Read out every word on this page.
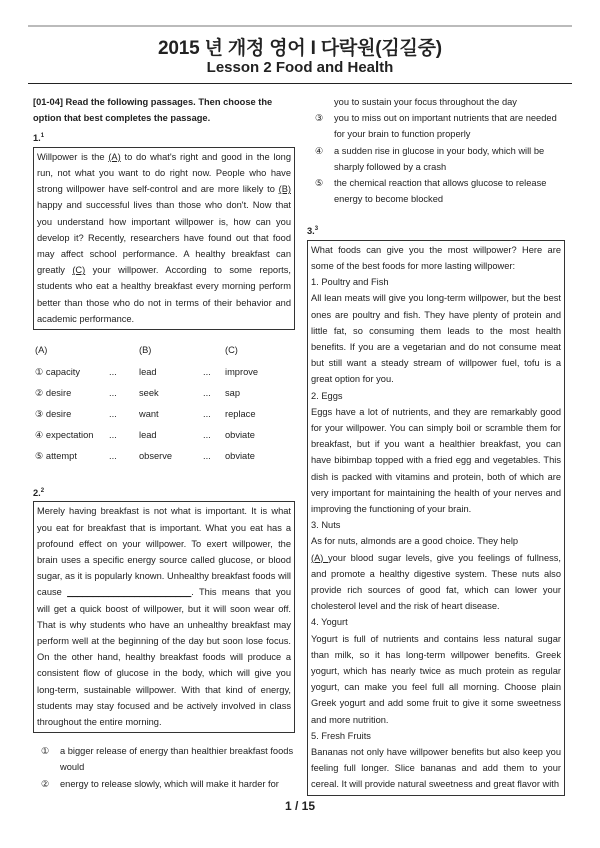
2015 년 개정 영어 I 다락원(김길중)
Lesson 2 Food and Health
[01-04] Read the following passages. Then choose the option that best completes the passage.
1.$^1$
Willpower is the (A) to do what's right and good in the long run, not what you want to do right now. People who have strong willpower have self-control and are more likely to (B) happy and successful lives than those who don't. Now that you understand how important willpower is, how can you develop it? Recently, researchers have found out that food may affect school performance. A healthy breakfast can greatly (C) your willpower. According to some reports, students who eat a healthy breakfast every morning perform better than those who do not in terms of their behavior and academic performance.
(A)		(B)		(C)
① capacity	...	lead	...	improve
② desire	...	seek	...	sap
③ desire	...	want	...	replace
④ expectation	...	lead	...	obviate
⑤ attempt	...	observe	...	obviate
2.$^2$
Merely having breakfast is not what is important. It is what you eat for breakfast that is important. What you eat has a profound effect on your willpower. To exert willpower, the brain uses a specific energy source called glucose, or blood sugar, as it is popularly known. Unhealthy breakfast foods will cause ________________________. This means that you will get a quick boost of willpower, but it will soon wear off. That is why students who have an unhealthy breakfast may perform well at the beginning of the day but soon lose focus. On the other hand, healthy breakfast foods will produce a consistent flow of glucose in the body, which will give you long-term, sustainable willpower. With that kind of energy, students may stay focused and be actively involved in class throughout the entire morning.
①	a bigger release of energy than healthier breakfast foods would
②	energy to release slowly, which will make it harder for
you to sustain your focus throughout the day
③	you to miss out on important nutrients that are needed for your brain to function properly
④	a sudden rise in glucose in your body, which will be sharply followed by a crash
⑤	the chemical reaction that allows glucose to release energy to become blocked
3.$^3$
What foods can give you the most willpower? Here are some of the best foods for more lasting willpower:
1. Poultry and Fish
All lean meats will give you long-term willpower, but the best ones are poultry and fish. They have plenty of protein and little fat, so consuming them leads to the most health benefits. If you are a vegetarian and do not consume meat but still want a steady stream of willpower fuel, tofu is a great option for you.
2. Eggs
Eggs have a lot of nutrients, and they are remarkably good for your willpower. You can simply boil or scramble them for breakfast, but if you want a healthier breakfast, you can have bibimbap topped with a fried egg and vegetables. This dish is packed with vitamins and protein, both of which are very important for maintaining the health of your nerves and improving the functioning of your brain.
3. Nuts
As for nuts, almonds are a good choice. They help
(A) your blood sugar levels, give you feelings of fullness, and promote a healthy digestive system. These nuts also provide rich sources of good fat, which can lower your cholesterol level and the risk of heart disease.
4. Yogurt
Yogurt is full of nutrients and contains less natural sugar than milk, so it has long-term willpower benefits. Greek yogurt, which has nearly twice as much protein as regular yogurt, can make you feel full all morning. Choose plain Greek yogurt and add some fruit to give it some sweetness and more nutrition.
5. Fresh Fruits
Bananas not only have willpower benefits but also keep you feeling full longer. Slice bananas and add them to your cereal. It will provide natural sweetness and great flavor with
1 / 15
